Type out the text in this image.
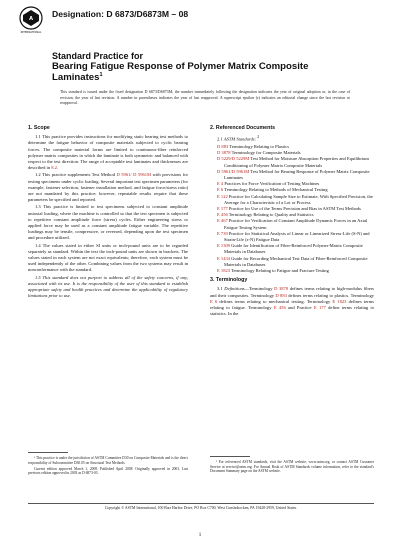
A
INTERNATIONAL
Designation: D 6873/D6873M – 08
Standard Practice for
Bearing Fatigue Response of Polymer Matrix Composite
Laminates$^1$
This standard is issued under the fixed designation D 6873/D6873M; the number immediately following the designation indicates the year of original adoption or, in the case of revision, the year of last revision. A number in parentheses indicates the year of last reapproval. A superscript epsilon (ε) indicates an editorial change since the last revision or reapproval.
1. Scope

1.1 This practice provides instructions for modifying static bearing test methods to determine the fatigue behavior of composite materials subjected to cyclic bearing forces. The composite material forms are limited to continuous-fiber reinforced polymer matrix composites in which the laminate is both symmetric and balanced with respect to the test direction. The range of acceptable test laminates and thicknesses are described in 8.2.

1.2 This practice supplements Test Method D 5961/ D 5961M with provisions for testing specimens under cyclic loading. Several important test specimen parameters (for example, fastener selection, fastener installation method, and fatigue force/stress ratio) are not mandated by this practice; however, repeatable results require that these parameters be specified and reported.

1.3 This practice is limited to test specimens subjected to constant amplitude uniaxial loading, where the machine is controlled so that the test specimen is subjected to repetitive constant amplitude force (stress) cycles. Either engineering stress or applied force may be used as a constant amplitude fatigue variable. The repetitive loadings may be tensile, compressive, or reversed, depending upon the test specimen and procedure utilized.

1.4 The values stated in either SI units or inch-pound units are to be regarded separately as standard. Within the text the inch-pound units are shown in brackets. The values stated in each system are not exact equivalents; therefore, each system must be used independently of the other. Combining values from the two systems may result in nonconformance with the standard.

1.5 This standard does not purport to address all of the safety concerns, if any, associated with its use. It is the responsibility of the user of this standard to establish appropriate safety and health practices and determine the applicability of regulatory limitations prior to use.

2. Referenced Documents
2.1 ASTM Standards: $^2$
D 883 Terminology Relating to Plastics
D 3878 Terminology for Composite Materials
D 5229/D 5229M Test Method for Moisture Absorption Properties and Equilibrium Conditioning of Polymer Matrix Composite Materials
D 5961/D 5961M Test Method for Bearing Response of Polymer Matrix Composite Laminates
E 4 Practices for Force Verification of Testing Machines
E 6 Terminology Relating to Methods of Mechanical Testing
E 122 Practice for Calculating Sample Size to Estimate, With Specified Precision, the Average for a Characteristic of a Lot or Process
E 177 Practice for Use of the Terms Precision and Bias in ASTM Test Methods
E 456 Terminology Relating to Quality and Statistics
E 467 Practice for Verification of Constant Amplitude Dynamic Forces in an Axial Fatigue Testing System
E 739 Practice for Statistical Analysis of Linear or Linearized Stress-Life (S-N) and Strain-Life (ε-N) Fatigue Data
E 1309 Guide for Identification of Fiber-Reinforced Polymer-Matrix Composite Materials in Databases
E 1434 Guide for Recording Mechanical Test Data of Fiber-Reinforced Composite Materials in Databases
E 1823 Terminology Relating to Fatigue and Fracture Testing
3. Terminology

3.1 Definitions—Terminology D 3878 defines terms relating to high-modulus fibers and their composites. Terminology D 883 defines terms relating to plastics. Terminology E 6 defines terms relating to mechanical testing. Terminology E 1823 defines terms relating to fatigue. Terminology E 456 and Practice E 177 define terms relating to statistics. In the

¹ This practice is under the jurisdiction of ASTM Committee D30 on Composite Materials and is the direct responsibility of Subcommittee D30.05 on Structural Test Methods.

Current edition approved March 1, 2008. Published April 2008. Originally approved in 2003. Last previous edition approved in 2003 as D 6873-03.

² For referenced ASTM standards, visit the ASTM website, www.astm.org, or contact ASTM Customer Service at service@astm.org. For Annual Book of ASTM Standards volume information, refer to the standard's Document Summary page on the ASTM website.

Copyright © ASTM International, 100 Barr Harbor Drive, PO Box C700, West Conshohocken, PA 19428-2959, United States.
1
